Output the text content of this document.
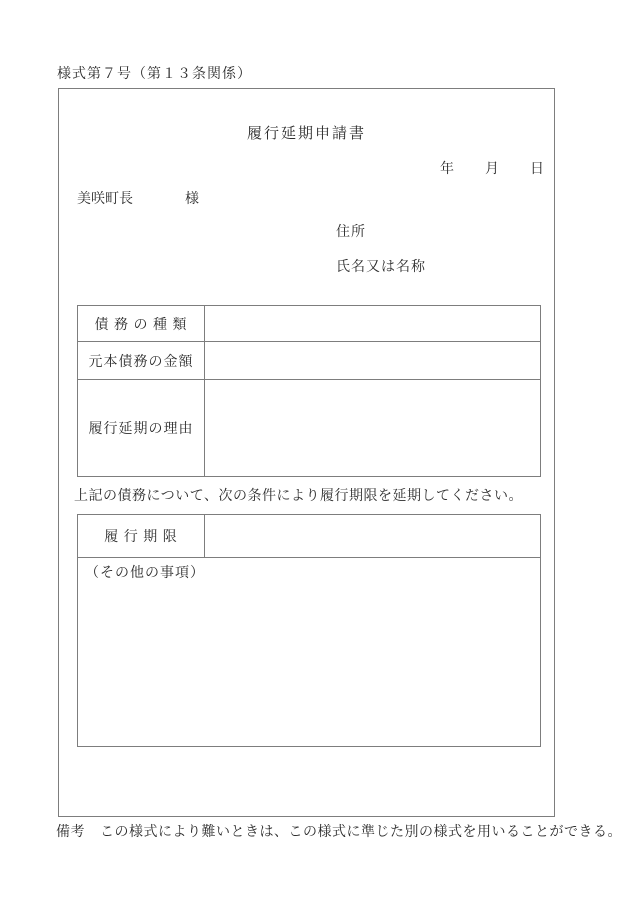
様式第７号（第１３条関係）
履行延期申請書
年　　月　　日
美咲町長	様
住所
氏名又は名称
債 務 の 種 類
元本債務の金額
履行延期の理由
上記の債務について、次の条件により履行期限を延期してください。
履 行 期 限
（その他の事項）
備考 この様式により難いときは、この様式に準じた別の様式を用いることができる。
